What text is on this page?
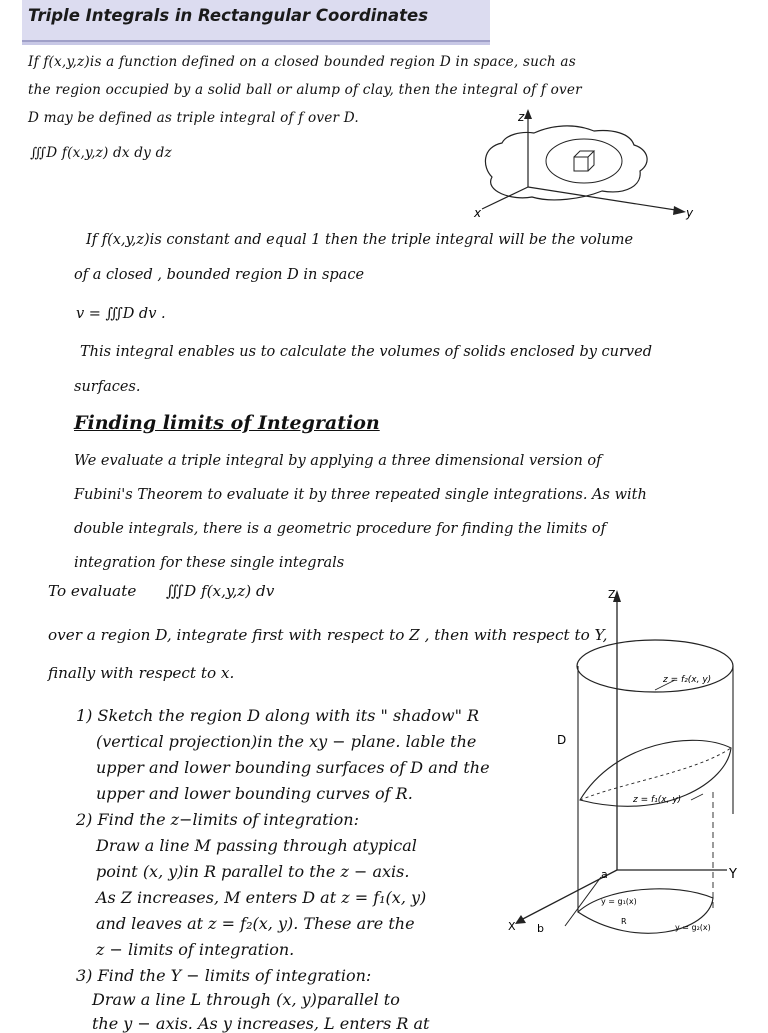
Triple Integrals in Rectangular Coordinates
If f(x,y,z)is a function defined on a closed bounded region D in space, such as
the region occupied by a solid ball or alump of clay, then the integral of f over
D may be defined as triple integral of f over D.
∭D f(x,y,z) dx dy dz
z
x	y
If f(x,y,z)is constant and equal 1 then the triple integral will be the volume
of a closed , bounded region D in space
v = ∭D dv .
This integral enables us to calculate the volumes of solids enclosed by curved
surfaces.
Finding limits of Integration
We evaluate a triple integral by applying a three dimensional version of
Fubini's Theorem to evaluate it by three repeated single integrations. As with
double integrals, there is a geometric procedure for finding the limits of
integration for these single integrals
To evaluate ∭D f(x,y,z) dv
over a region D, integrate first with respect to Z , then with respect to Y,
finally with respect to x.
1) Sketch the region D along with its " shadow" R
(vertical projection)in the xy − plane. lable the
upper and lower bounding surfaces of D and the
upper and lower bounding curves of R.
2) Find the z−limits of integration:
Draw a line M passing through atypical
point (x, y)in R parallel to the z − axis.
As Z increases, M enters D at z = f₁(x, y)
and leaves at z = f₂(x, y). These are the
z − limits of integration.
3) Find the Y − limits of integration:
Draw a line L through (x, y)parallel to
the y − axis. As y increases, L enters R at
Z
z = f₂(x, y)
D
z = f₁(x, y)
Y
X
a
b
y = g₁(x)
R
y = g₂(x)
